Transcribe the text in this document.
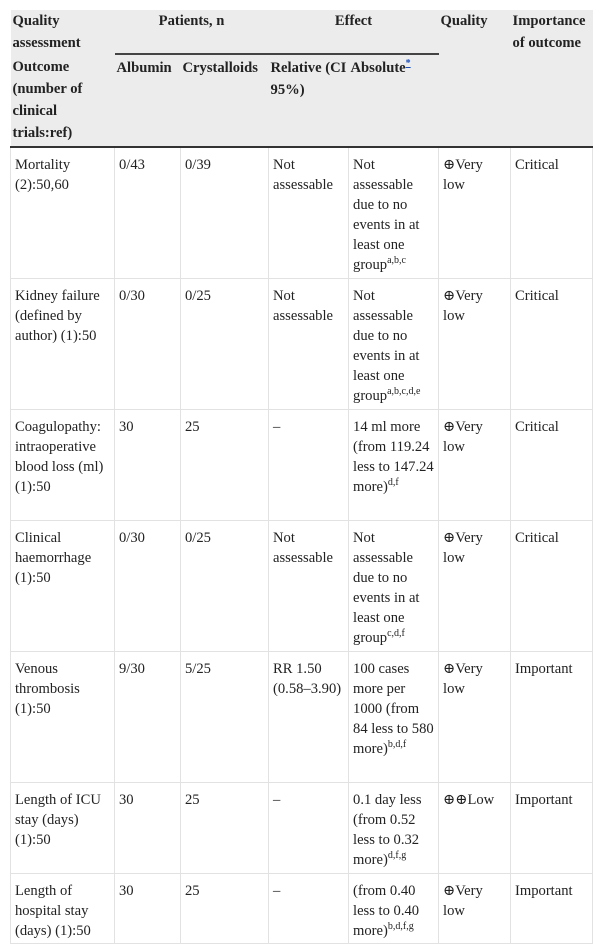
Quality assessment	Patients, n		Effect		Quality	Importance of outcome
Outcome (number of clinical trials:ref)	Albumin	Crystalloids	Relative (CI 95%)	Absolute*
Mortality (2):50,60	0/43	0/39	Not assessable	Not assessable due to no events in at least one group$^{a,b,c}$	⊕Very low	Critical
Kidney failure (defined by author) (1):50	0/30	0/25	Not assessable	Not assessable due to no events in at least one group$^{a,b,c,d,e}$	⊕Very low	Critical
Coagulopathy: intraoperative blood loss (ml) (1):50	30	25	–	14 ml more (from 119.24 less to 147.24 more)$^{d,f}$	⊕Very low	Critical
Clinical haemorrhage (1):50	0/30	0/25	Not assessable	Not assessable due to no events in at least one group$^{c,d,f}$	⊕Very low	Critical
Venous thrombosis (1):50	9/30	5/25	RR 1.50 (0.58–3.90)	100 cases more per 1000 (from 84 less to 580 more)$^{b,d,f}$	⊕Very low	Important
Length of ICU stay (days) (1):50	30	25	–	0.1 day less (from 0.52 less to 0.32 more)$^{d,f,g}$	⊕⊕Low	Important
Length of hospital stay (days) (1):50	30	25	–	(from 0.40 less to 0.40 more)$^{b,d,f,g}$	⊕Very low	Important
